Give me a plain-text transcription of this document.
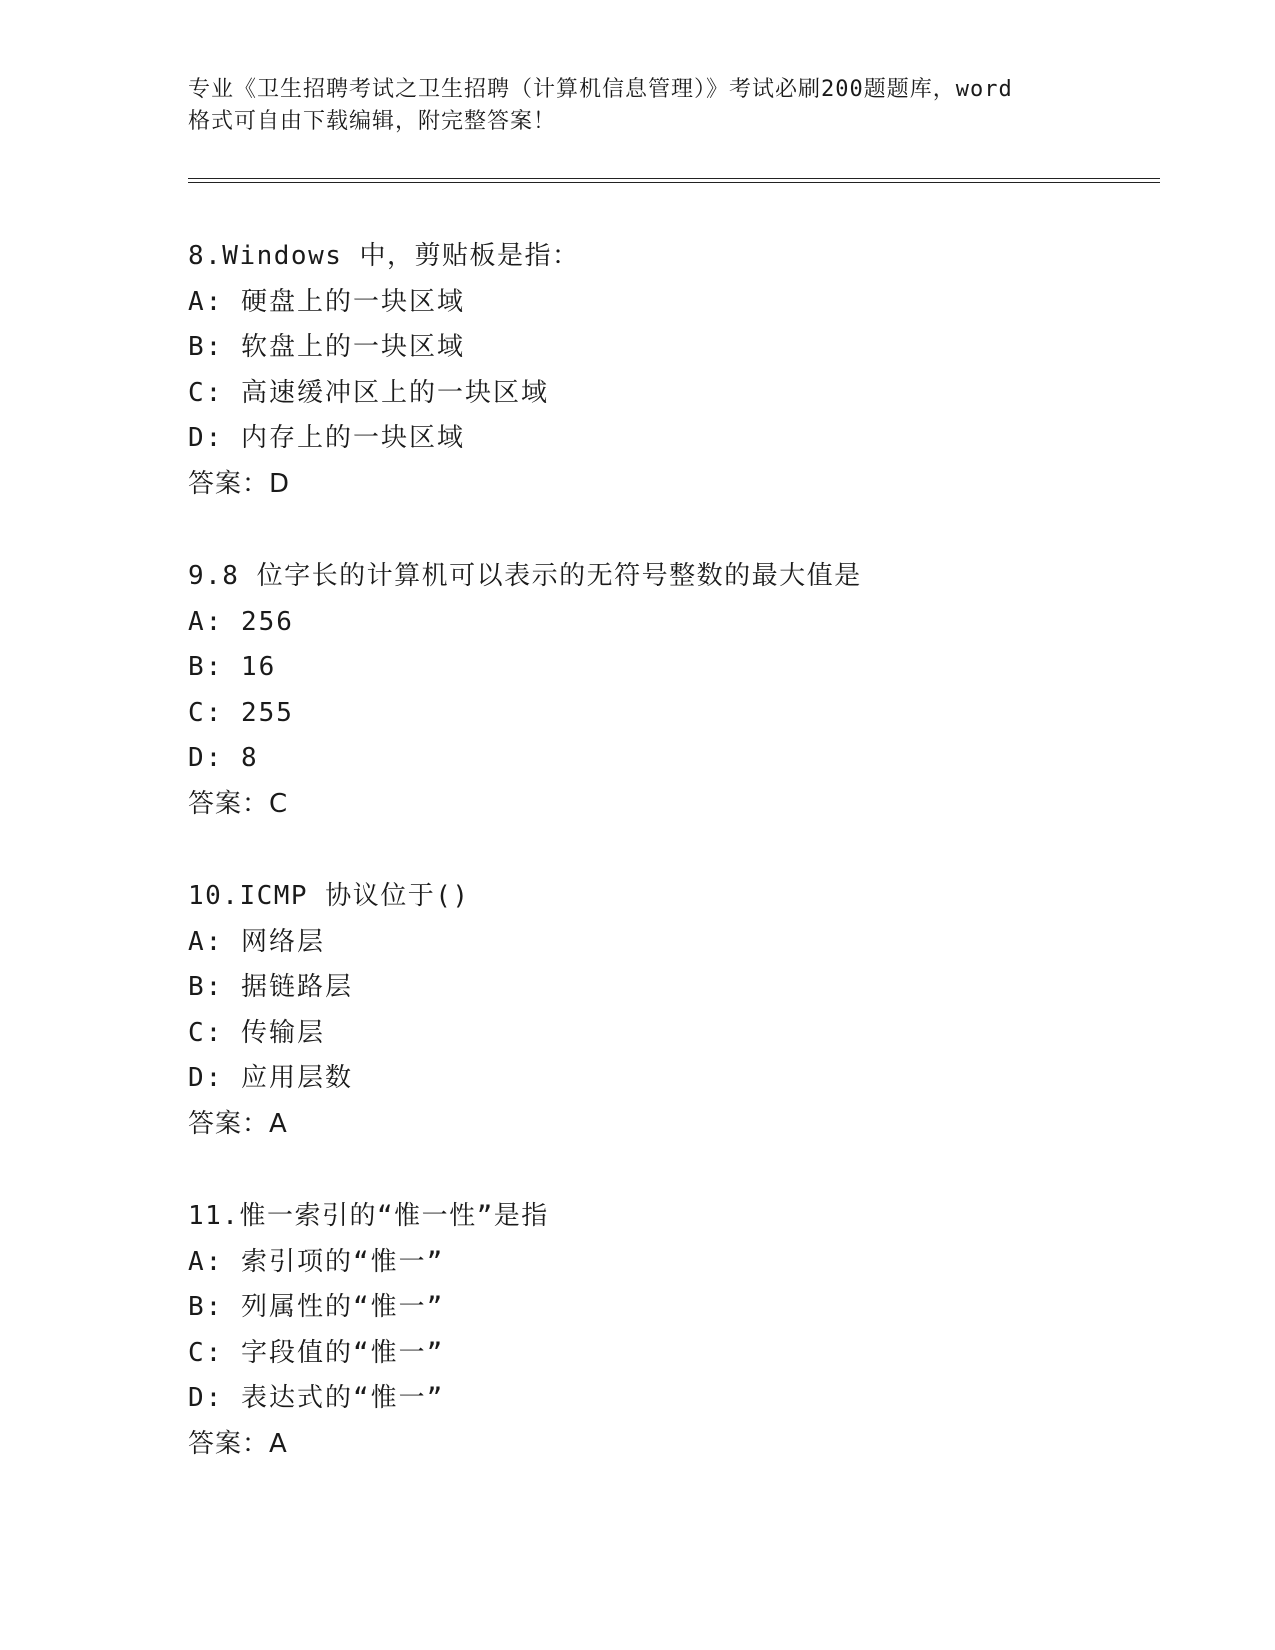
专业《卫生招聘考试之卫生招聘（计算机信息管理）》考试必刷200题题库，word
格式可自由下载编辑，附完整答案！
8.Windows 中，剪贴板是指：
A: 硬盘上的一块区域
B: 软盘上的一块区域
C: 高速缓冲区上的一块区域
D: 内存上的一块区域
答案：D
9.8 位字长的计算机可以表示的无符号整数的最大值是
A: 256
B: 16
C: 255
D: 8
答案：C
10.ICMP 协议位于()
A: 网络层
B: 据链路层
C: 传输层
D: 应用层数
答案：A
11.惟一索引的“惟一性”是指
A: 索引项的“惟一”
B: 列属性的“惟一”
C: 字段值的“惟一”
D: 表达式的“惟一”
答案：A
